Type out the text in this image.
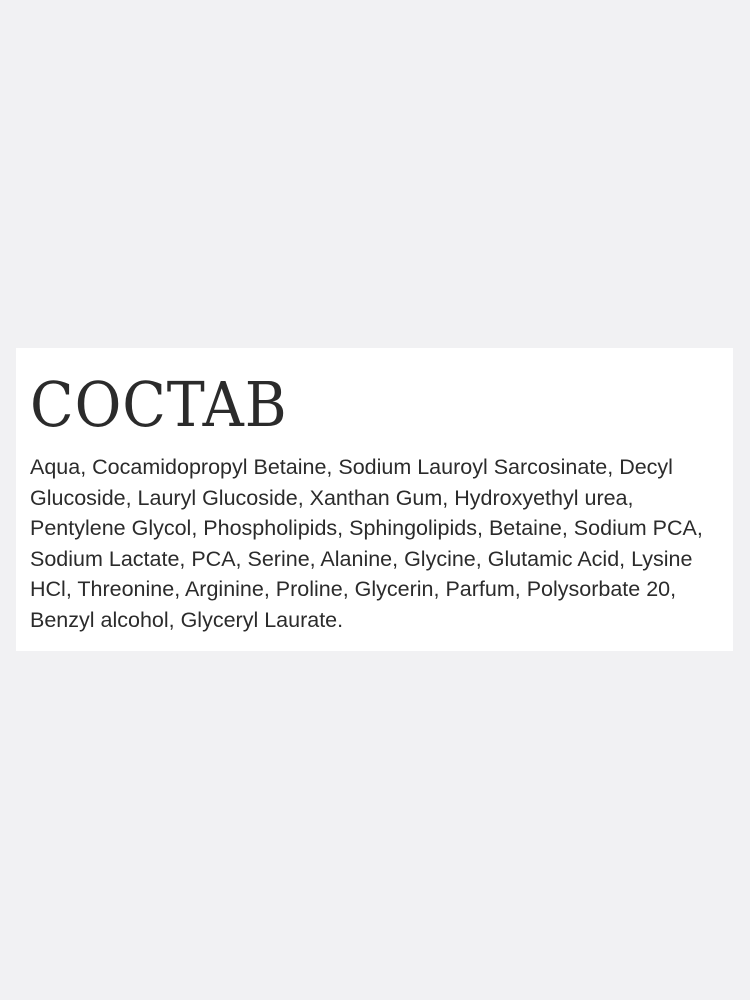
COCTAB

Aqua, Cocamidopropyl Betaine, Sodium Lauroyl Sarcosinate, Decyl
Glucoside, Lauryl Glucoside, Xanthan Gum, Hydroxyethyl urea,
Pentylene Glycol, Phospholipids, Sphingolipids, Betaine, Sodium PCA,
Sodium Lactate, PCA, Serine, Alanine, Glycine, Glutamic Acid, Lysine
HCl, Threonine, Arginine, Proline, Glycerin, Parfum, Polysorbate 20,
Benzyl alcohol, Glyceryl Laurate.
